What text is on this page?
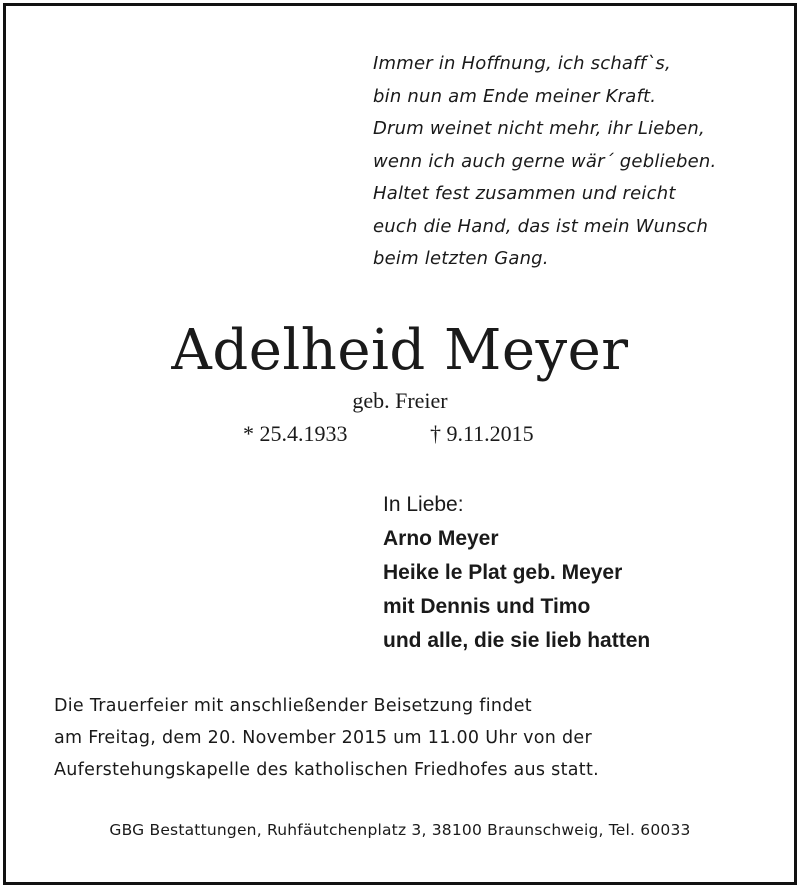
Immer in Hoffnung, ich schaff`s,
bin nun am Ende meiner Kraft.
Drum weinet nicht mehr, ihr Lieben,
wenn ich auch gerne wär´ geblieben.
Haltet fest zusammen und reicht
euch die Hand, das ist mein Wunsch
beim letzten Gang.
Adelheid Meyer
geb. Freier
* 25.4.1933	† 9.11.2015
In Liebe:
Arno Meyer
Heike le Plat geb. Meyer
mit Dennis und Timo
und alle, die sie lieb hatten
Die Trauerfeier mit anschließender Beisetzung findet
am Freitag, dem 20. November 2015 um 11.00 Uhr von der
Auferstehungskapelle des katholischen Friedhofes aus statt.
GBG Bestattungen, Ruhfäutchenplatz 3, 38100 Braunschweig, Tel. 60033
